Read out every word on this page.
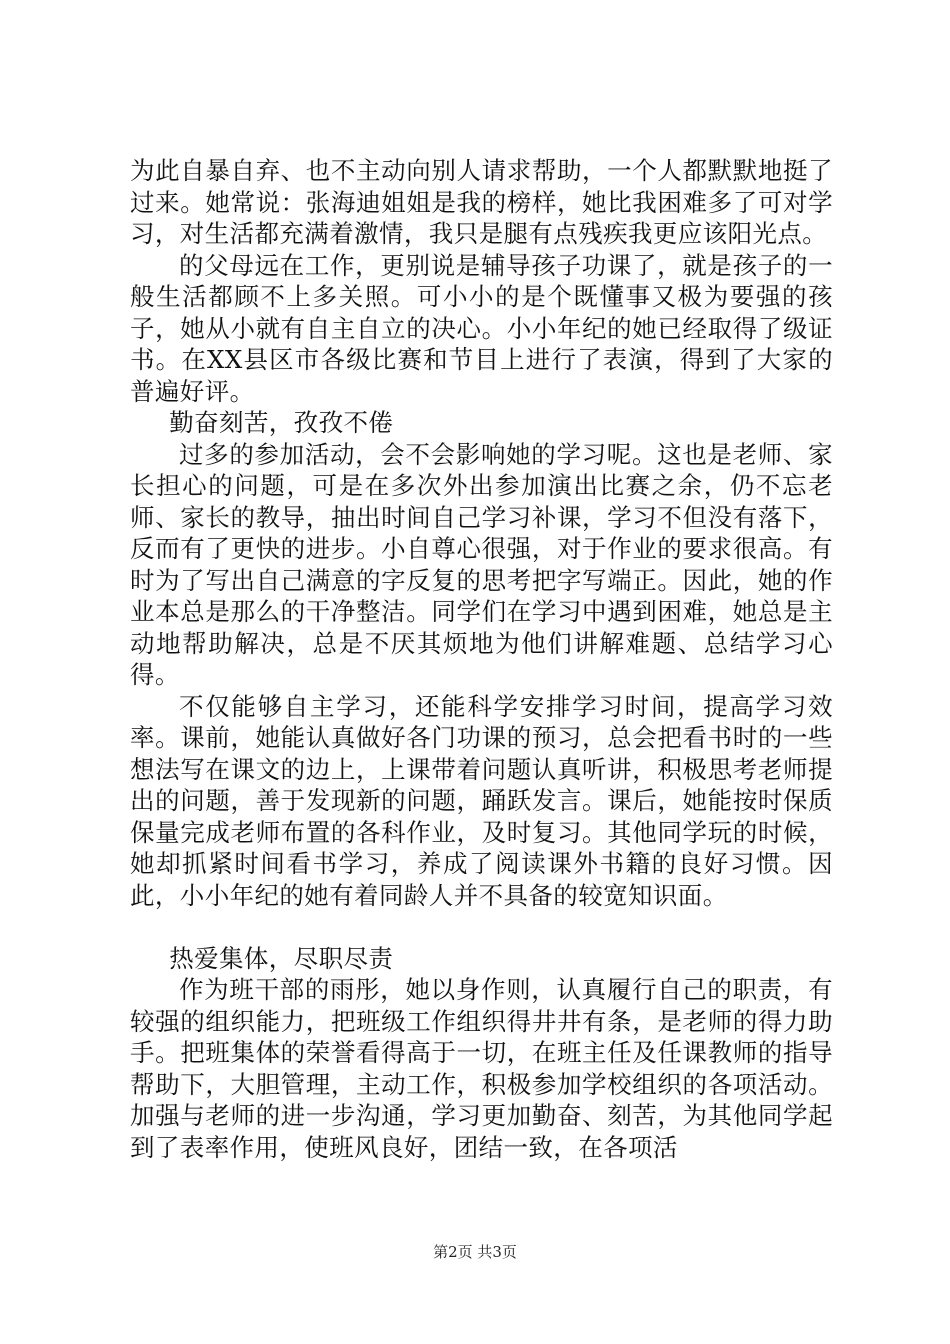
为此自暴自弃、也不主动向别人请求帮助，一个人都默默地挺了过来。她常说：张海迪姐姐是我的榜样，她比我困难多了可对学习，对生活都充满着激情，我只是腿有点残疾我更应该阳光点。

的父母远在工作，更别说是辅导孩子功课了，就是孩子的一般生活都顾不上多关照。可小小的是个既懂事又极为要强的孩子，她从小就有自主自立的决心。小小年纪的她已经取得了级证书。在XX县区市各级比赛和节目上进行了表演，得到了大家的普遍好评。

勤奋刻苦，孜孜不倦

过多的参加活动，会不会影响她的学习呢。这也是老师、家长担心的问题，可是在多次外出参加演出比赛之余，仍不忘老师、家长的教导，抽出时间自己学习补课，学习不但没有落下，反而有了更快的进步。小自尊心很强，对于作业的要求很高。有时为了写出自己满意的字反复的思考把字写端正。因此，她的作业本总是那么的干净整洁。同学们在学习中遇到困难，她总是主动地帮助解决，总是不厌其烦地为他们讲解难题、总结学习心得。

不仅能够自主学习，还能科学安排学习时间，提高学习效率。课前，她能认真做好各门功课的预习，总会把看书时的一些想法写在课文的边上，上课带着问题认真听讲，积极思考老师提出的问题，善于发现新的问题，踊跃发言。课后，她能按时保质保量完成老师布置的各科作业，及时复习。其他同学玩的时候，她却抓紧时间看书学习，养成了阅读课外书籍的良好习惯。因此，小小年纪的她有着同龄人并不具备的较宽知识面。

热爱集体，尽职尽责

作为班干部的雨彤，她以身作则，认真履行自己的职责，有较强的组织能力，把班级工作组织得井井有条，是老师的得力助手。把班集体的荣誉看得高于一切，在班主任及任课教师的指导帮助下，大胆管理，主动工作，积极参加学校组织的各项活动。加强与老师的进一步沟通，学习更加勤奋、刻苦，为其他同学起到了表率作用，使班风良好，团结一致，在各项活

第2页 共3页
